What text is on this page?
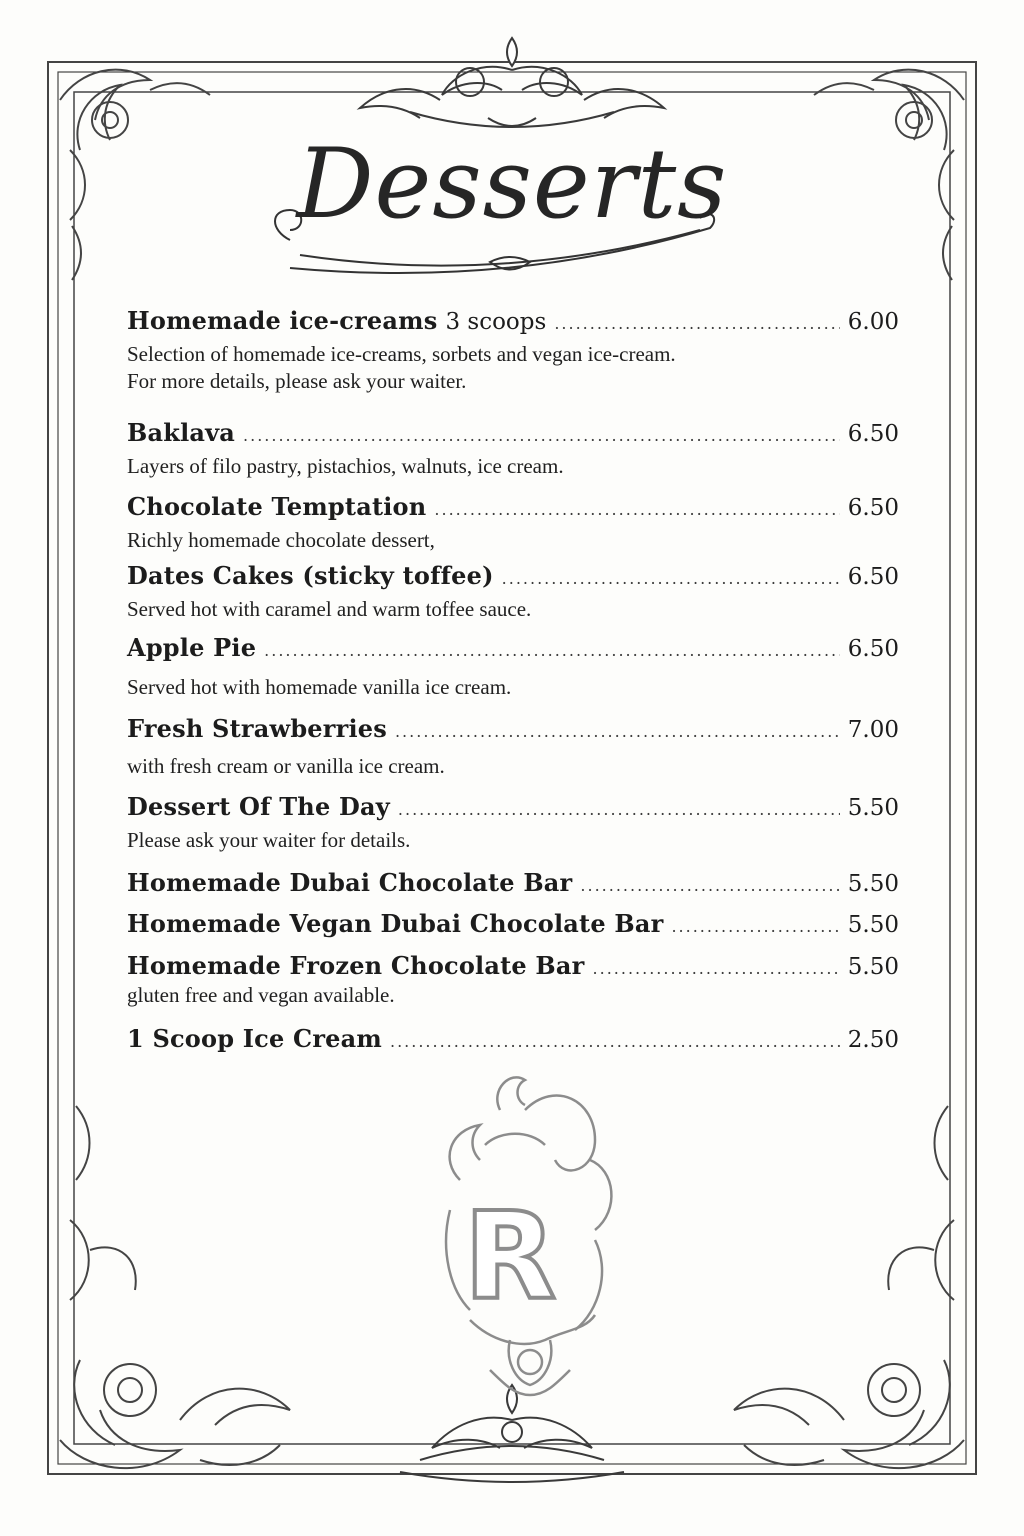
Desserts
Homemade ice-creams 3 scoops .....	6.00
Selection of homemade ice-creams, sorbets and vegan ice-cream.
For more details, please ask your waiter.
Baklava .....	6.50
Layers of filo pastry, pistachios, walnuts, ice cream.
Chocolate Temptation .....	6.50
Richly homemade chocolate dessert,
Dates Cakes (sticky toffee) .....	6.50
Served hot with caramel and warm toffee sauce.
Apple Pie .....	6.50
Served hot with homemade vanilla ice cream.
Fresh Strawberries .....	7.00
with fresh cream or vanilla ice cream.
Dessert Of The Day .....	5.50
Please ask your waiter for details.
Homemade Dubai Chocolate Bar .....	5.50
Homemade Vegan Dubai Chocolate Bar .....	5.50
Homemade Frozen Chocolate Bar .....	5.50
gluten free and vegan available.
1 Scoop Ice Cream .....	2.50
R
